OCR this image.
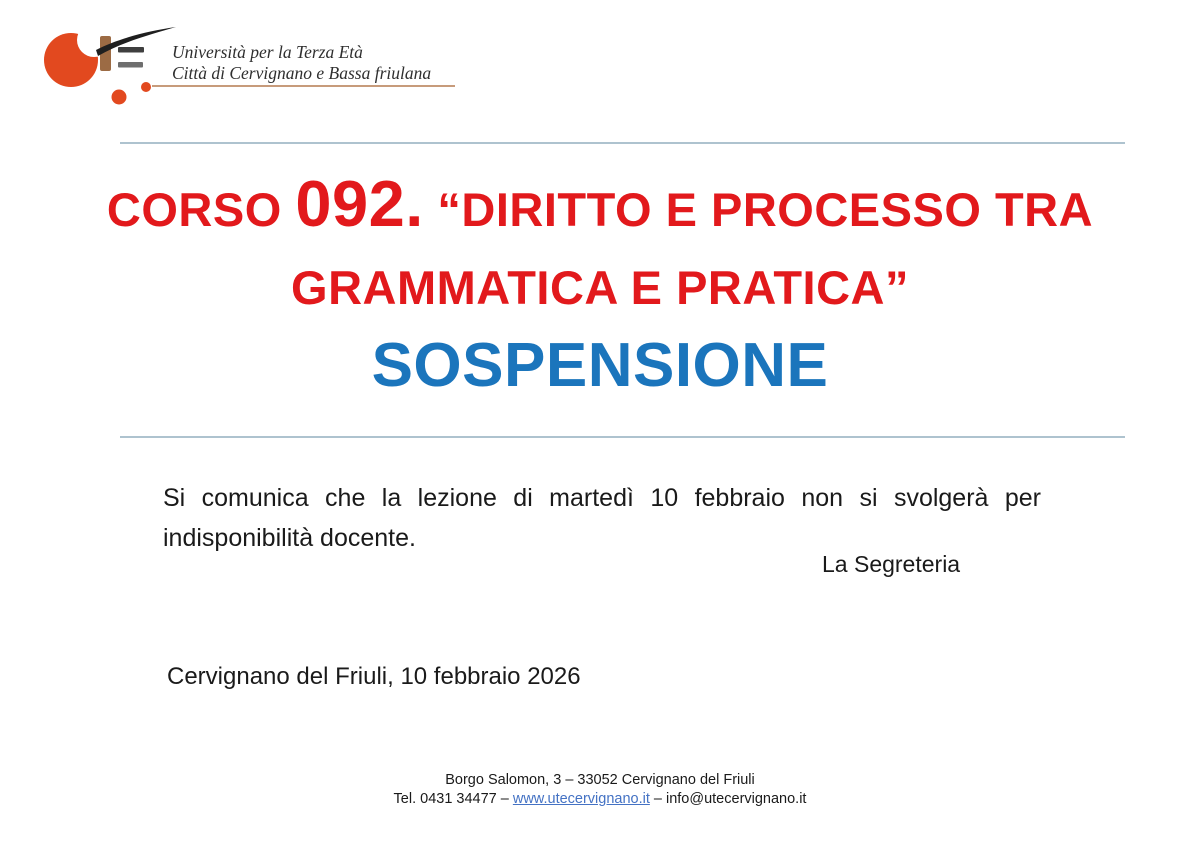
Università per la Terza Età
Città di Cervignano e Bassa friulana
CORSO 092. “DIRITTO E PROCESSO TRA
GRAMMATICA E PRATICA”
SOSPENSIONE

Si comunica che la lezione di martedì 10 febbraio non si svolgerà per indisponibilità docente.

La Segreteria
Cervignano del Friuli, 10 febbraio 2026
Borgo Salomon, 3 – 33052 Cervignano del Friuli
Tel. 0431 34477 – www.utecervignano.it – info@utecervignano.it
